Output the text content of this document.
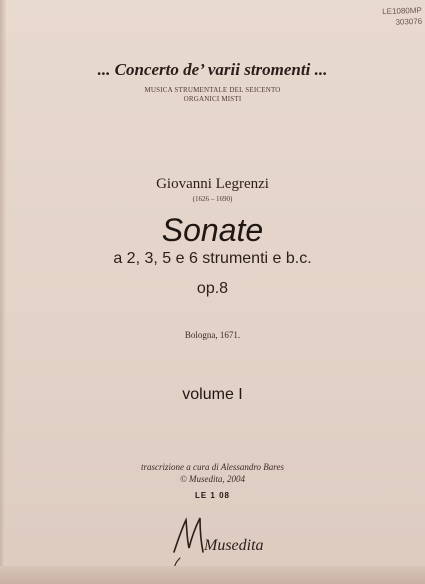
LE1080MP
303076
... Concerto de’ varii stromenti ...
MUSICA STRUMENTALE DEL SEICENTO
ORGANICI MISTI
Giovanni Legrenzi
(1626 – 1690)
Sonate
a 2, 3, 5 e 6 strumenti e b.c.
op.8
Bologna, 1671.
volume I
trascrizione a cura di Alessandro Bares
© Musedita, 2004
LE 1 08
Musedita
